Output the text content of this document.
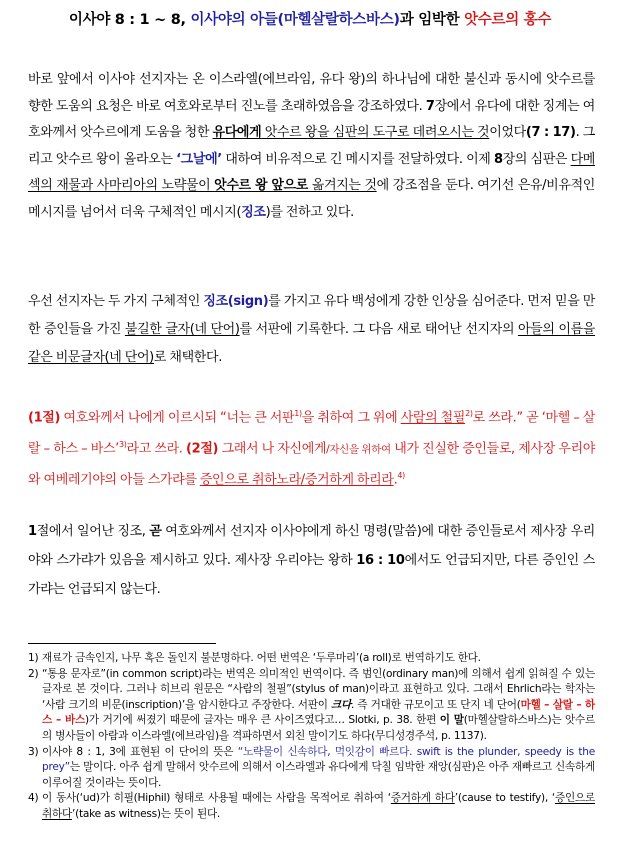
이사야 8 : 1 ~ 8, 이사야의 아들(마헬살랄하스바스)과 임박한 앗수르의 홍수
바로 앞에서 이사야 선지자는 온 이스라엘(에브라임, 유다 왕)의 하나님에 대한 불신과 동시에 앗수르를 향한 도움의 요청은 바로 여호와로부터 진노를 초래하였음을 강조하였다. 7장에서 유다에 대한 징계는 여호와께서 앗수르에게 도움을 청한 유다에게 앗수르 왕을 심판의 도구로 데려오시는 것이었다(7 : 17). 그리고 앗수르 왕이 올라오는 ‘그날에’ 대하여 비유적으로 긴 메시지를 전달하였다. 이제 8장의 심판은 다메섹의 재물과 사마리아의 노략물이 앗수르 왕 앞으로 옮겨지는 것에 강조점을 둔다. 여기선 은유/비유적인 메시지를 넘어서 더욱 구체적인 메시지(징조)를 전하고 있다.
우선 선지자는 두 가지 구체적인 징조(sign)를 가지고 유다 백성에게 강한 인상을 심어준다. 먼저 믿을 만한 증인들을 가진 불길한 글자(네 단어)를 서판에 기록한다. 그 다음 새로 태어난 선지자의 아들의 이름을 같은 비문글자(네 단어)로 채택한다.
(1절) 여호와께서 나에게 이르시되 “너는 큰 서판$^{1)}$을 취하여 그 위에 사람의 철필$^{2)}$로 쓰라.” 곧 ‘마헬 – 살랄 – 하스 – 바스’$^{3)}$라고 쓰라. (2절) 그래서 나 자신에게/자신을 위하여 내가 진실한 증인들로, 제사장 우리야와 여베레기야의 아들 스가랴를 증인으로 취하노라/증거하게 하리라.$^{4)}$
1절에서 일어난 징조, 곧 여호와께서 선지자 이사야에게 하신 명령(말씀)에 대한 증인들로서 제사장 우리야와 스가랴가 있음을 제시하고 있다. 제사장 우리야는 왕하 16 : 10에서도 언급되지만, 다른 증인인 스가랴는 언급되지 않는다.
1) 재료가 금속인지, 나무 혹은 돌인지 불분명하다. 어떤 번역은 ‘두루마리’(a roll)로 번역하기도 한다.
2) “통용 문자로”(in common script)라는 번역은 의미적인 번역이다. 즉 범인(ordinary man)에 의해서 쉽게 읽혀질 수 있는 글자로 본 것이다. 그러나 히브리 원문은 “사람의 철필”(stylus of man)이라고 표현하고 있다. 그래서 Ehrlich라는 학자는 ‘사람 크기의 비문(inscription)’을 암시한다고 주장한다. 서판이 크다. 즉 거대한 규모이고 또 단지 네 단어(마헬 – 살랄 – 하스 – 바스)가 거기에 써졌기 때문에 글자는 매우 큰 사이즈였다고… Slotki, p. 38. 한편 이 말(마헬살랄하스바스)는 앗수르의 병사들이 아람과 이스라엘(에브라임)을 격파하면서 외친 말이기도 하다(무디성경주석, p. 1137).
3) 이사야 8 : 1, 3에 표현된 이 단어의 뜻은 “노략물이 신속하다, 먹잇감이 빠르다. swift is the plunder, speedy is the prey”는 말이다. 아주 쉽게 말해서 앗수르에 의해서 이스라엘과 유다에게 닥칠 임박한 재앙(심판)은 아주 재빠르고 신속하게 이루어질 것이라는 뜻이다.
4) 이 동사(‘ud)가 히필(Hiphil) 형태로 사용될 때에는 사람을 목적어로 취하여 ‘증거하게 하다’(cause to testify), ‘증인으로 취하다’(take as witness)는 뜻이 된다.
